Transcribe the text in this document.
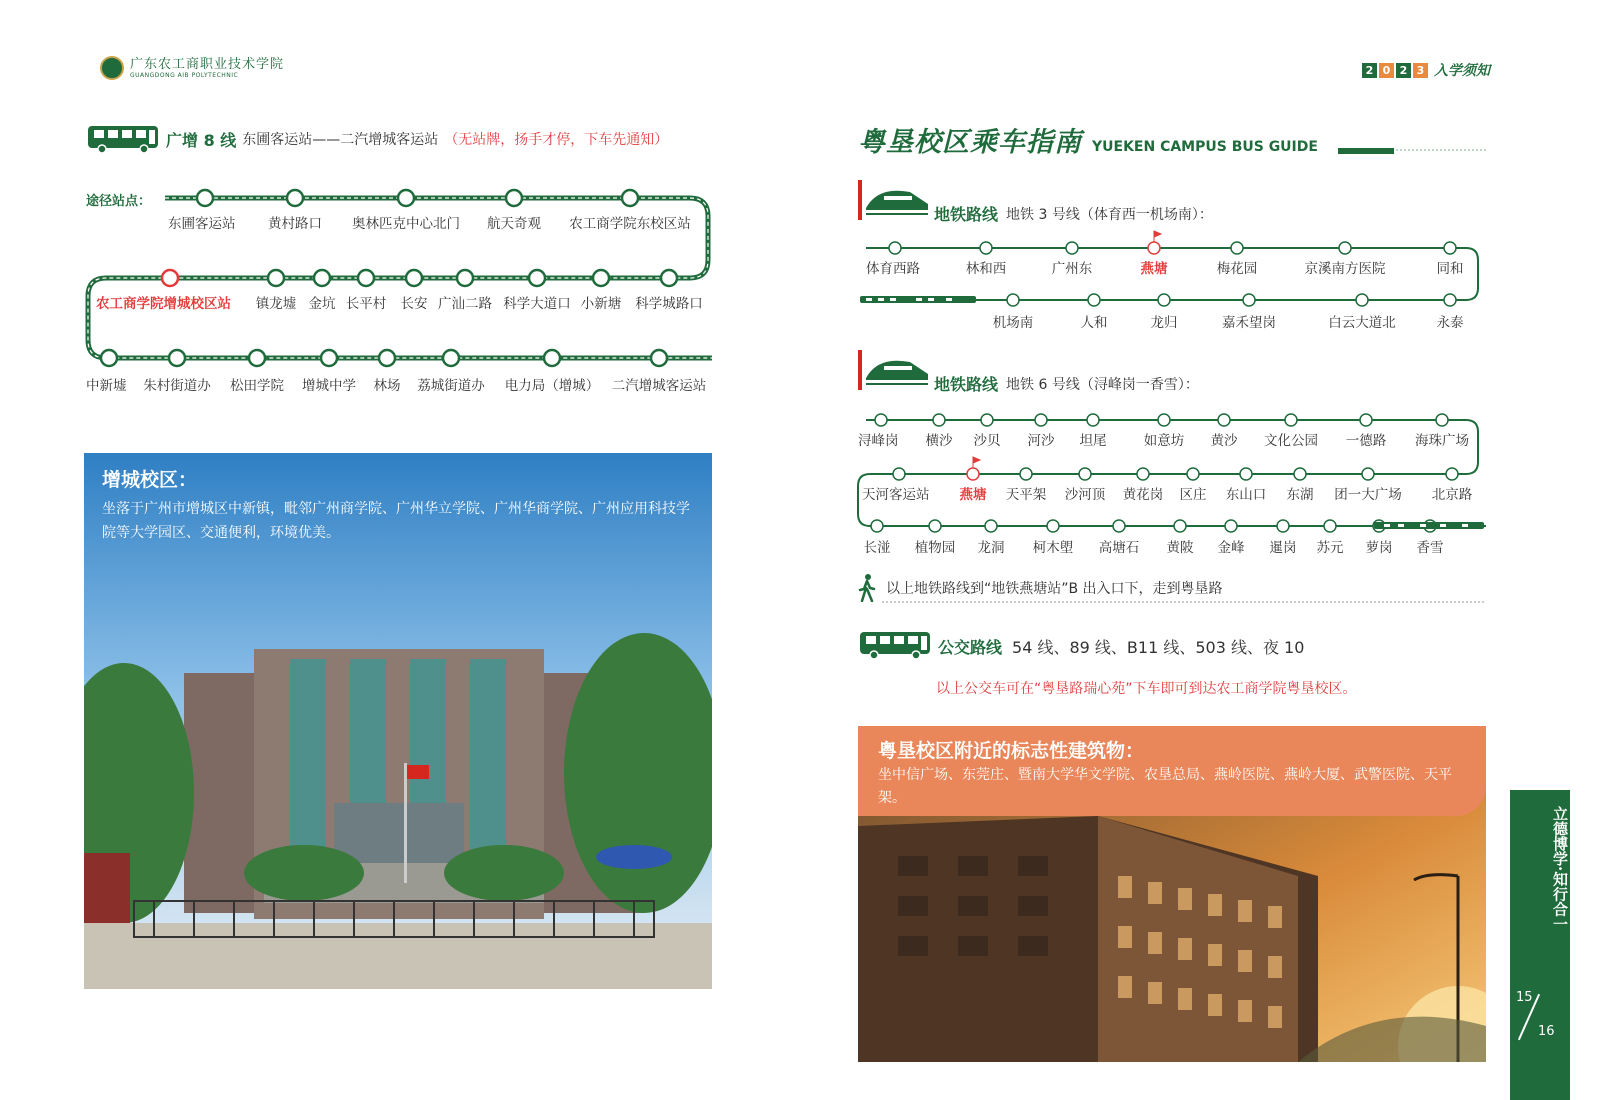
广东农工商职业技术学院
GUANGDONG AIB POLYTECHNIC	2 0 2 3 入学须知
广增 8 线 东圃客运站——二汽增城客运站 （无站牌，扬手才停，下车先通知）
途径站点：
东圃客运站 黄村路口 奥林匹克中心北门 航天奇观 农工商学院东校区站
农工商学院增城校区站 镇龙墟 金坑 长平村 长安 广汕二路 科学大道口 小新塘 科学城路口
中新墟 朱村街道办 松田学院 增城中学 林场 荔城街道办 电力局（增城） 二汽增城客运站
增城校区：

坐落于广州市增城区中新镇，毗邻广州商学院、广州华立学院、广州华商学院、广州应用科技学院等大学园区、交通便利，环境优美。

粤垦校区乘车指南 YUEKEN CAMPUS BUS GUIDE
地铁路线 地铁 3 号线（体育西一机场南）：
体育西路	林和西	广州东	燕塘	梅花园	京溪南方医院	同和
机场南	人和	龙归	嘉禾望岗	白云大道北	永泰
地铁路线 地铁 6 号线（浔峰岗一香雪）：
浔峰岗 横沙 沙贝 河沙 坦尾	如意坊 黄沙 文化公园 一德路 海珠广场
天河客运站 燕塘 天平架 沙河顶 黄花岗 区庄 东山口 东湖 团一大广场 北京路
长湴 植物园 龙洞 柯木塱 高塘石 黄陂 金峰 暹岗 苏元 萝岗 香雪
以上地铁路线到“地铁燕塘站”B 出入口下，走到粤垦路
公交路线 54 线、89 线、B11 线、503 线、夜 10
以上公交车可在“粤垦路瑞心苑”下车即可到达农工商学院粤垦校区。
粤垦校区附近的标志性建筑物：

坐中信广场、东莞庄、暨南大学华文学院、农垦总局、燕岭医院、燕岭大厦、武警医院、天平架。

立德博学·知行合一
15
16
